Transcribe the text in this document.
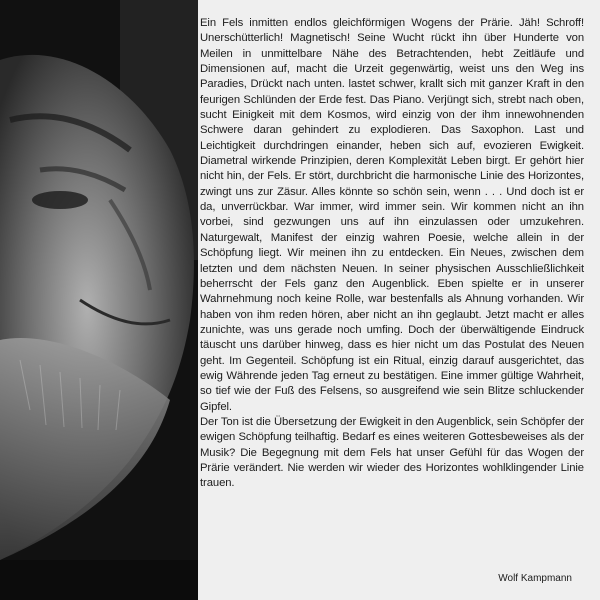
Ein Fels inmitten endlos gleichförmigen Wogens der Prärie. Jäh! Schroff! Unerschütterlich! Magnetisch! Seine Wucht rückt ihn über Hunderte von Meilen in unmittelbare Nähe des Betrachtenden, hebt Zeitläufe und Dimensionen auf, macht die Urzeit gegenwärtig, weist uns den Weg ins Paradies, Drückt nach unten. lastet schwer, krallt sich mit ganzer Kraft in den feurigen Schlünden der Erde fest. Das Piano. Verjüngt sich, strebt nach oben, sucht Einigkeit mit dem Kosmos, wird einzig von der ihm innewohnenden Schwere daran gehindert zu explodieren. Das Saxophon. Last und Leichtigkeit durchdringen einander, heben sich auf, evozieren Ewigkeit. Diametral wirkende Prinzipien, deren Komplexität Leben birgt. Er gehört hier nicht hin, der Fels. Er stört, durchbricht die harmonische Linie des Horizontes, zwingt uns zur Zäsur. Alles könnte so schön sein, wenn . . . Und doch ist er da, unverrückbar. War immer, wird immer sein. Wir kommen nicht an ihn vorbei, sind gezwungen uns auf ihn einzulassen oder umzukehren. Naturgewalt, Manifest der einzig wahren Poesie, welche allein in der Schöpfung liegt. Wir meinen ihn zu entdecken. Ein Neues, zwischen dem letzten und dem nächsten Neuen. In seiner physischen Ausschließlichkeit beherrscht der Fels ganz den Augenblick. Eben spielte er in unserer Wahrnehmung noch keine Rolle, war bestenfalls als Ahnung vorhanden. Wir haben von ihm reden hören, aber nicht an ihn geglaubt. Jetzt macht er alles zunichte, was uns gerade noch umfing. Doch der überwältigende Eindruck täuscht uns darüber hinweg, dass es hier nicht um das Postulat des Neuen geht. Im Gegenteil. Schöpfung ist ein Ritual, einzig darauf ausgerichtet, das ewig Währende jeden Tag erneut zu bestätigen. Eine immer gültige Wahrheit, so tief wie der Fuß des Felsens, so ausgreifend wie sein Blitze schluckender Gipfel.

Der Ton ist die Übersetzung der Ewigkeit in den Augenblick, sein Schöpfer der ewigen Schöpfung teilhaftig. Bedarf es eines weiteren Gottesbeweises als der Musik? Die Begegnung mit dem Fels hat unser Gefühl für das Wogen der Prärie verändert. Nie werden wir wieder des Horizontes wohlklingender Linie trauen.

Wolf Kampmann
